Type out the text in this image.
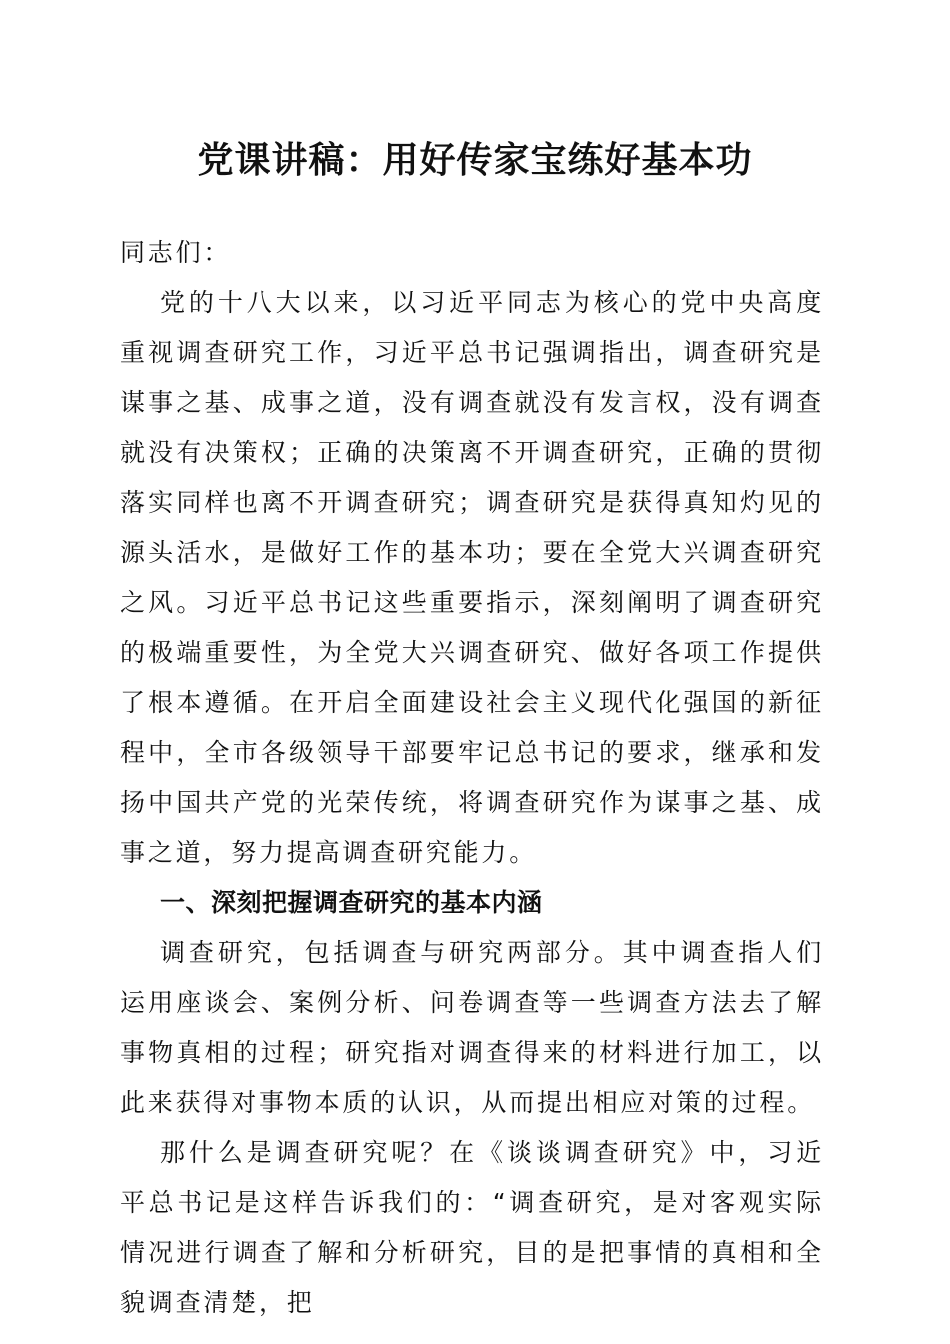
党课讲稿：用好传家宝练好基本功

同志们：

党的十八大以来，以习近平同志为核心的党中央高度重视调查研究工作，习近平总书记强调指出，调查研究是谋事之基、成事之道，没有调查就没有发言权，没有调查就没有决策权；正确的决策离不开调查研究，正确的贯彻落实同样也离不开调查研究；调查研究是获得真知灼见的源头活水，是做好工作的基本功；要在全党大兴调查研究之风。习近平总书记这些重要指示，深刻阐明了调查研究的极端重要性，为全党大兴调查研究、做好各项工作提供了根本遵循。在开启全面建设社会主义现代化强国的新征程中，全市各级领导干部要牢记总书记的要求，继承和发扬中国共产党的光荣传统，将调查研究作为谋事之基、成事之道，努力提高调查研究能力。

一、深刻把握调查研究的基本内涵

调查研究，包括调查与研究两部分。其中调查指人们运用座谈会、案例分析、问卷调查等一些调查方法去了解事物真相的过程；研究指对调查得来的材料进行加工，以此来获得对事物本质的认识，从而提出相应对策的过程。

那什么是调查研究呢？在《谈谈调查研究》中，习近平总书记是这样告诉我们的：“调查研究，是对客观实际情况进行调查了解和分析研究，目的是把事情的真相和全貌调查清楚，把
